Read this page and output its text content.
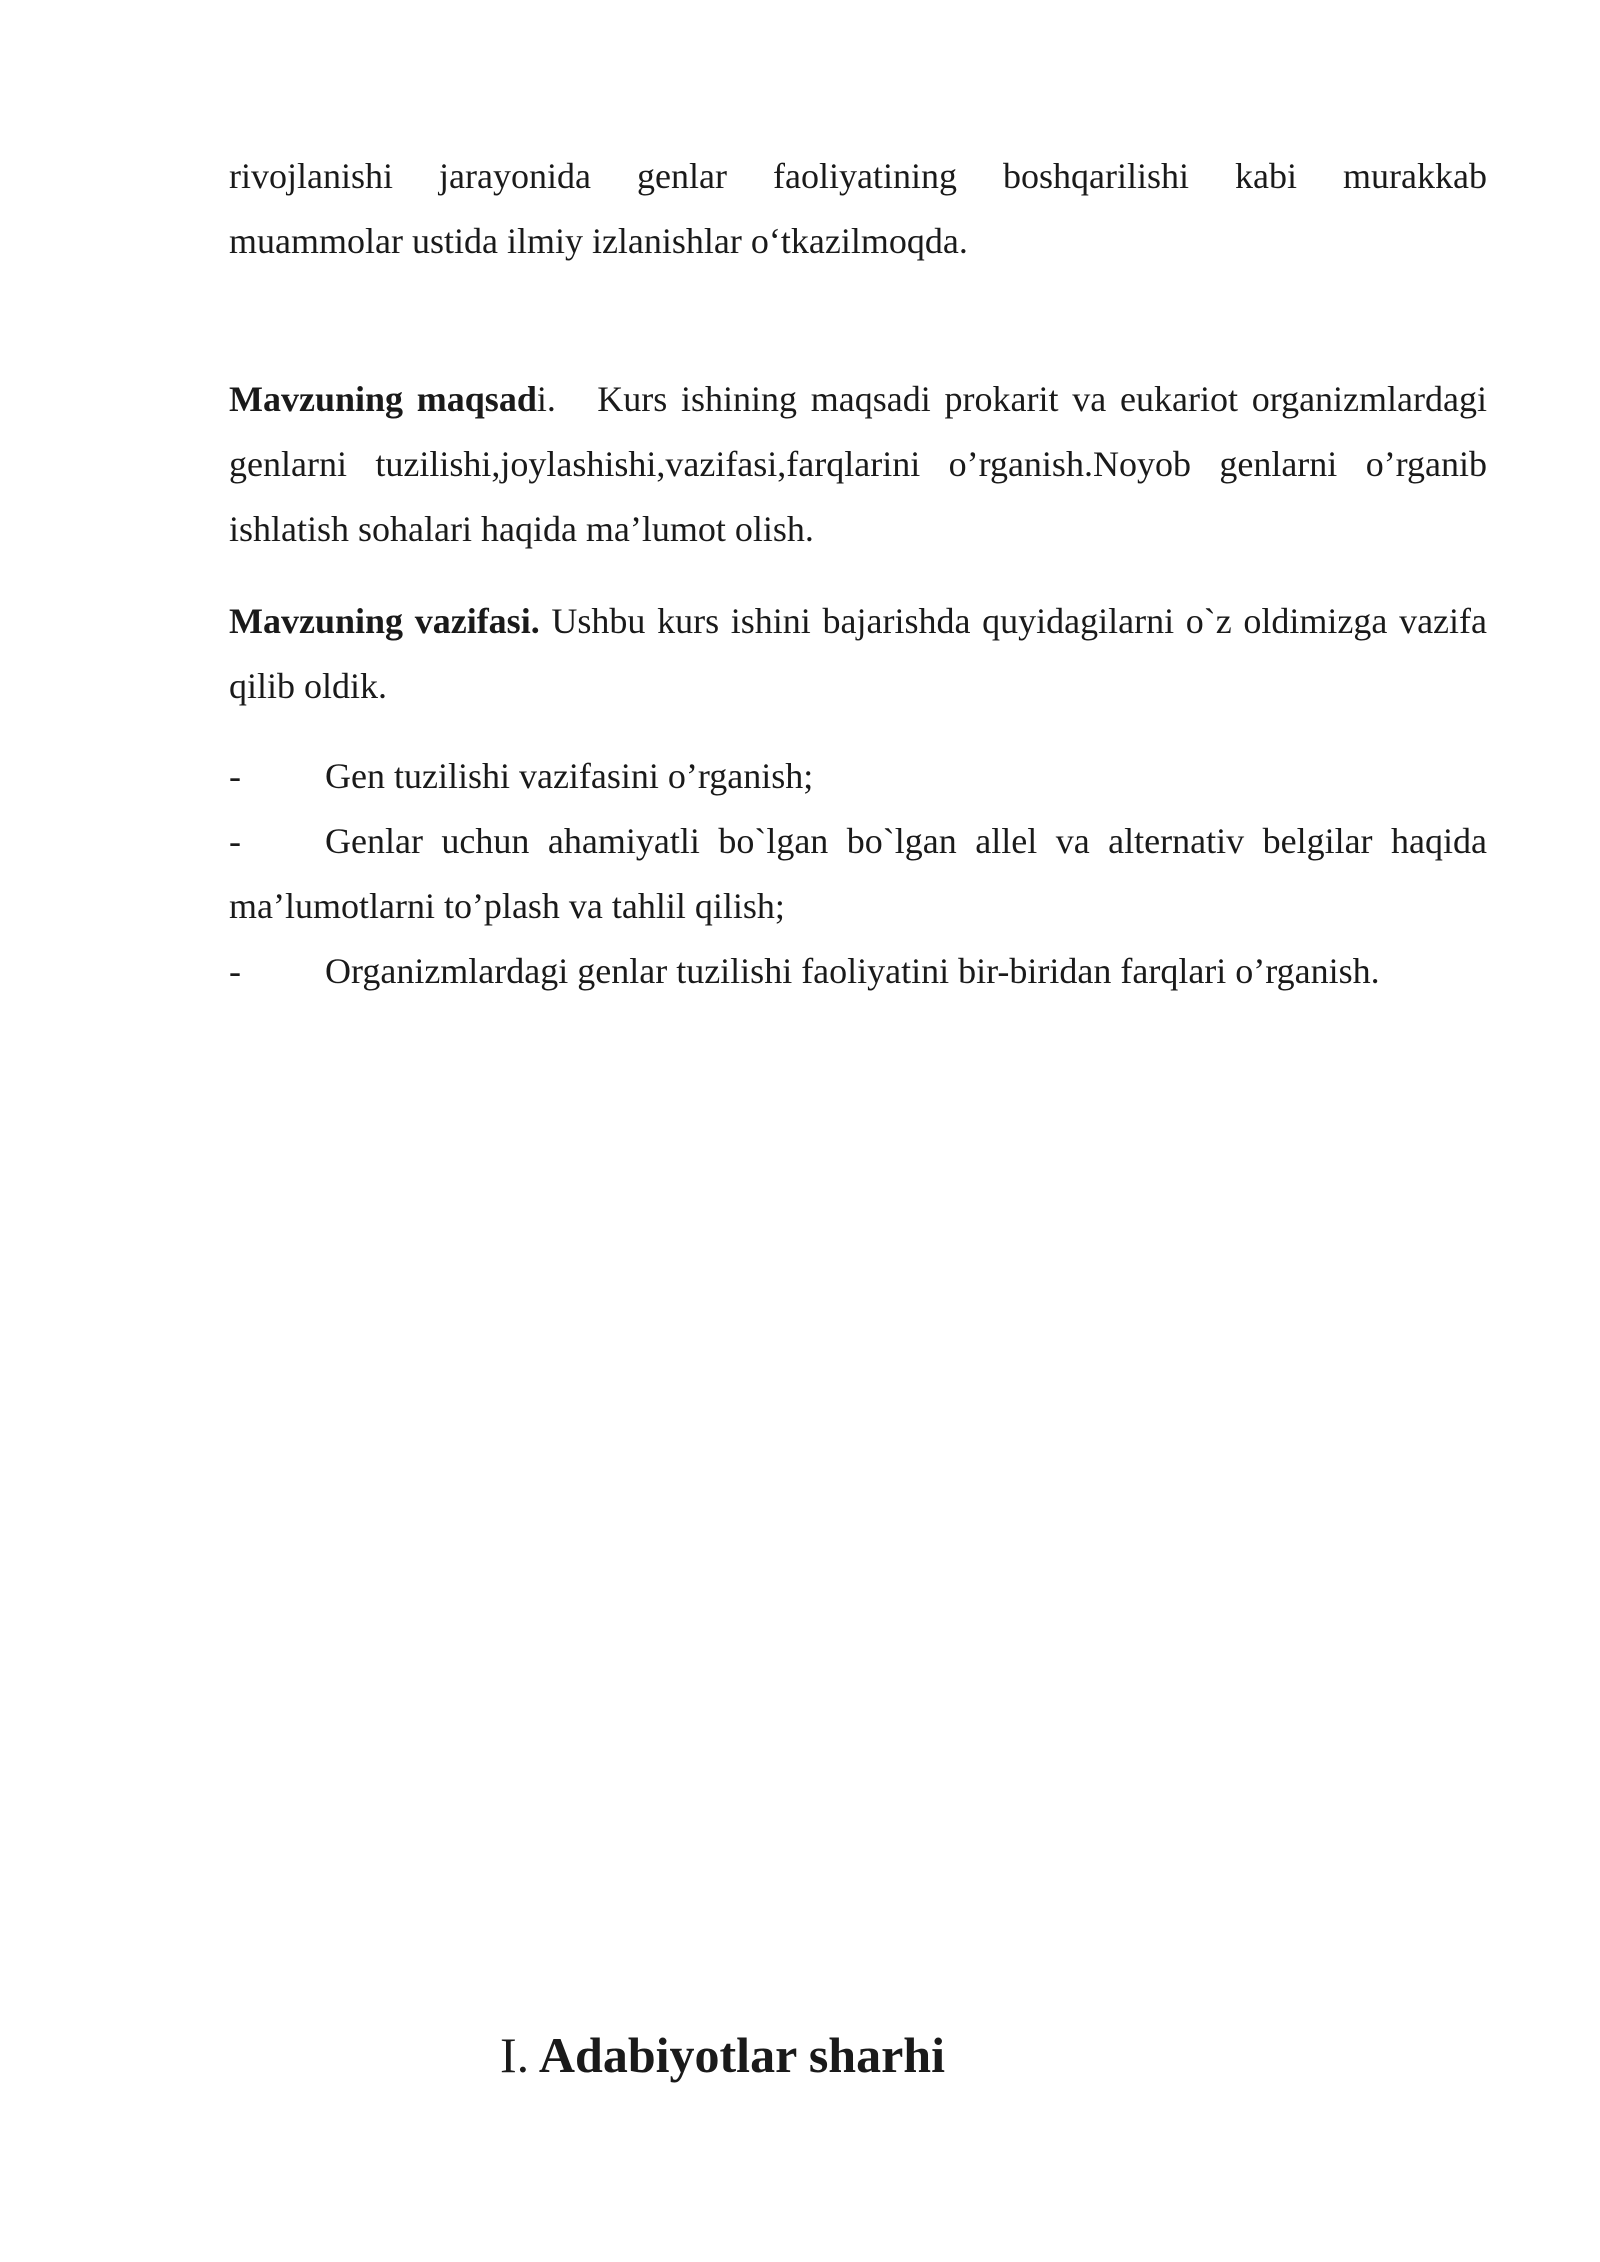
rivojlanishi jarayonida genlar faoliyatining boshqarilishi kabi murakkab
muammolar ustida ilmiy izlanishlar o‘tkazilmoqda.

Mavzuning maqsadi. Kurs ishining maqsadi prokarit va eukariot organizmlardagi genlarni tuzilishi,joylashishi,vazifasi,farqlarini o’rganish.Noyob genlarni o’rganib ishlatish sohalari haqida ma’lumot olish.

Mavzuning vazifasi. Ushbu kurs ishini bajarishda quyidagilarni o`z oldimizga vazifa qilib oldik.

- Gen tuzilishi vazifasini o’rganish;
- Genlar uchun ahamiyatli bo`lgan bo`lgan allel va alternativ belgilar haqida
ma’lumotlarni to’plash va tahlil qilish;
- Organizmlardagi genlar tuzilishi faoliyatini bir-biridan farqlari o’rganish.
I. Adabiyotlar sharhi
